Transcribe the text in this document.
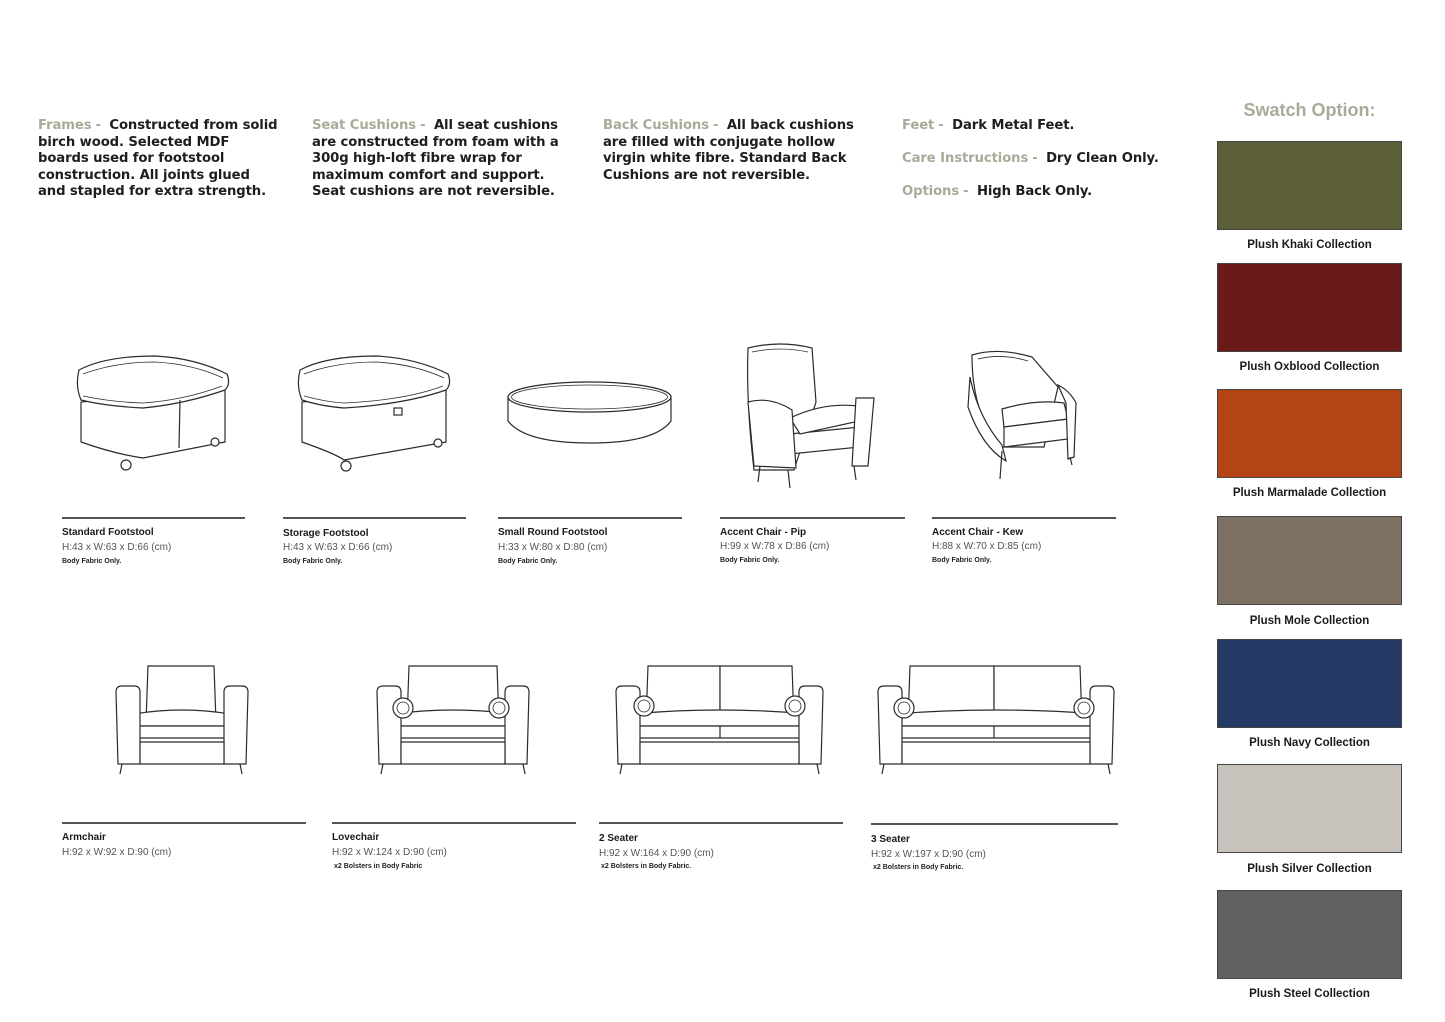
Frames - Constructed from solid birch wood. Selected MDF boards used for footstool construction. All joints glued and stapled for extra strength.
Seat Cushions - All seat cushions are constructed from foam with a 300g high-loft fibre wrap for maximum comfort and support. Seat cushions are not reversible.
Back Cushions - All back cushions are filled with conjugate hollow virgin white fibre. Standard Back Cushions are not reversible.

Feet - Dark Metal Feet.

Care Instructions - Dry Clean Only.

Options - High Back Only.

Standard Footstool
H:43 x W:63 x D:66 (cm)
Body Fabric Only.
Storage Footstool
H:43 x W:63 x D:66 (cm)
Body Fabric Only.
Small Round Footstool
H:33 x W:80 x D:80 (cm)
Body Fabric Only.
Accent Chair - Pip
H:99 x W:78 x D:86 (cm)
Body Fabric Only.
Accent Chair - Kew
H:88 x W:70 x D:85 (cm)
Body Fabric Only.
Armchair
H:92 x W:92 x D:90 (cm)
Lovechair
H:92 x W:124 x D:90 (cm)
x2 Bolsters in Body Fabric
2 Seater
H:92 x W:164 x D:90 (cm)
x2 Bolsters in Body Fabric.
3 Seater
H:92 x W:197 x D:90 (cm)
x2 Bolsters in Body Fabric.
Swatch Option:
Plush Khaki Collection
Plush Oxblood Collection
Plush Marmalade Collection
Plush Mole Collection
Plush Navy Collection
Plush Silver Collection
Plush Steel Collection
